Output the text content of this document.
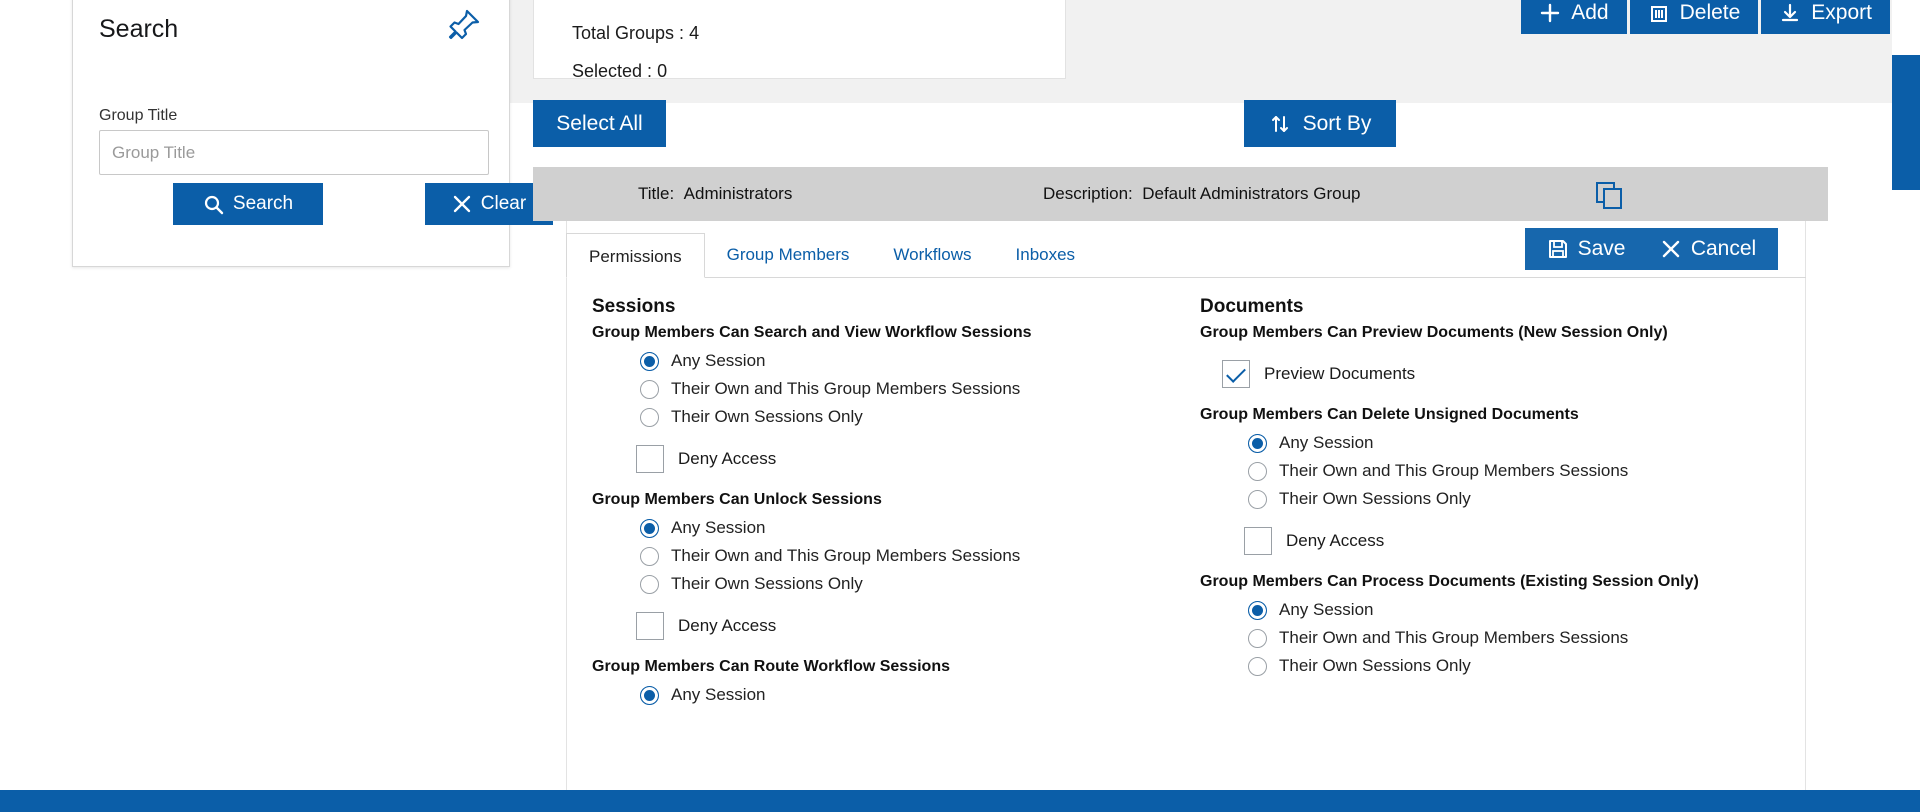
Search
Group Title
Group Title
Search	Clear
Total Groups : 4
Selected : 0
Add	Delete	Export
Select All	Sort By
Title: Administrators	Description: Default Administrators Group
Permissions	Group Members	Workflows	Inboxes	Save	Cancel
Sessions
Group Members Can Search and View Workflow Sessions
Any Session
Their Own and This Group Members Sessions
Their Own Sessions Only
Deny Access
Group Members Can Unlock Sessions
Any Session
Their Own and This Group Members Sessions
Their Own Sessions Only
Deny Access
Group Members Can Route Workflow Sessions
Any Session
Documents
Group Members Can Preview Documents (New Session Only)
Preview Documents
Group Members Can Delete Unsigned Documents
Any Session
Their Own and This Group Members Sessions
Their Own Sessions Only
Deny Access
Group Members Can Process Documents (Existing Session Only)
Any Session
Their Own and This Group Members Sessions
Their Own Sessions Only
